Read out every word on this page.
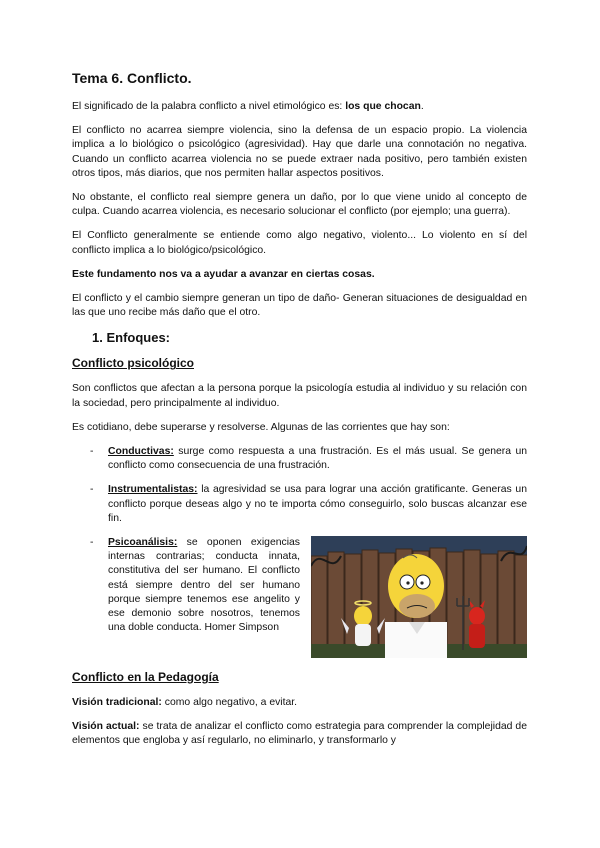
Tema 6. Conflicto.

El significado de la palabra conflicto a nivel etimológico es: los que chocan.

El conflicto no acarrea siempre violencia, sino la defensa de un espacio propio. La violencia implica a lo biológico o psicológico (agresividad). Hay que darle una connotación no negativa. Cuando un conflicto acarrea violencia no se puede extraer nada positivo, pero también existen otros tipos, más diarios, que nos permiten hallar aspectos positivos.

No obstante, el conflicto real siempre genera un daño, por lo que viene unido al concepto de culpa. Cuando acarrea violencia, es necesario solucionar el conflicto (por ejemplo; una guerra).

El Conflicto generalmente se entiende como algo negativo, violento... Lo violento en sí del conflicto implica a lo biológico/psicológico.

Este fundamento nos va a ayudar a avanzar en ciertas cosas.

El conflicto y el cambio siempre generan un tipo de daño- Generan situaciones de desigualdad en las que uno recibe más daño que el otro.

1. Enfoques:
Conflicto psicológico

Son conflictos que afectan a la persona porque la psicología estudia al individuo y su relación con la sociedad, pero principalmente al individuo.

Es cotidiano, debe superarse y resolverse. Algunas de las corrientes que hay son:

- Conductivas: surge como respuesta a una frustración. Es el más usual. Se genera un conflicto como consecuencia de una frustración.
- Instrumentalistas: la agresividad se usa para lograr una acción gratificante. Generas un conflicto porque deseas algo y no te importa cómo conseguirlo, solo buscas alcanzar ese fin.
- Psicoanálisis: se oponen exigencias internas contrarias; conducta innata, constitutiva del ser humano. El conflicto está siempre dentro del ser humano porque siempre tenemos ese angelito y ese demonio sobre nosotros, tenemos una doble conducta. Homer Simpson
Conflicto en la Pedagogía

Visión tradicional: como algo negativo, a evitar.

Visión actual: se trata de analizar el conflicto como estrategia para comprender la complejidad de elementos que engloba y así regularlo, no eliminarlo, y transformarlo y
